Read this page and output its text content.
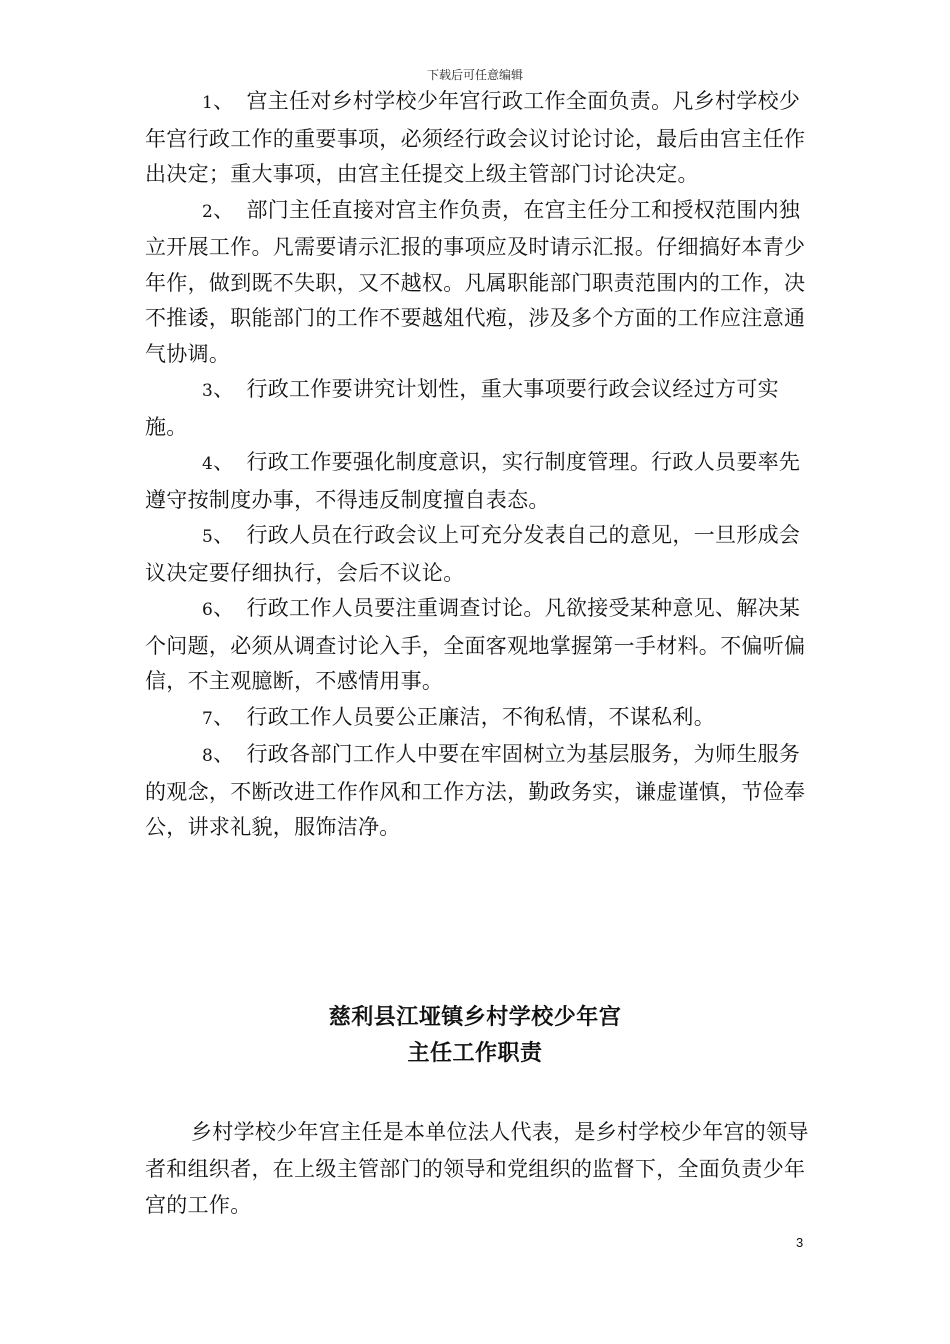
下载后可任意编辑

1、 宫主任对乡村学校少年宫行政工作全面负责。凡乡村学校少年宫行政工作的重要事项，必须经行政会议讨论讨论，最后由宫主任作出决定；重大事项，由宫主任提交上级主管部门讨论决定。

2、 部门主任直接对宫主作负责，在宫主任分工和授权范围内独立开展工作。凡需要请示汇报的事项应及时请示汇报。仔细搞好本青少年作，做到既不失职，又不越权。凡属职能部门职责范围内的工作，决不推诿，职能部门的工作不要越俎代疱，涉及多个方面的工作应注意通气协调。

3、 行政工作要讲究计划性，重大事项要行政会议经过方可实施。

4、 行政工作要强化制度意识，实行制度管理。行政人员要率先遵守按制度办事，不得违反制度擅自表态。

5、 行政人员在行政会议上可充分发表自己的意见，一旦形成会议决定要仔细执行，会后不议论。

6、 行政工作人员要注重调查讨论。凡欲接受某种意见、解决某个问题，必须从调查讨论入手，全面客观地掌握第一手材料。不偏听偏信，不主观臆断，不感情用事。

7、 行政工作人员要公正廉洁，不徇私情，不谋私利。

8、 行政各部门工作人中要在牢固树立为基层服务，为师生服务的观念，不断改进工作作风和工作方法，勤政务实，谦虚谨慎，节俭奉公，讲求礼貌，服饰洁净。

慈利县江垭镇乡村学校少年宫
主任工作职责

乡村学校少年宫主任是本单位法人代表，是乡村学校少年宫的领导者和组织者，在上级主管部门的领导和党组织的监督下，全面负责少年宫的工作。

3
